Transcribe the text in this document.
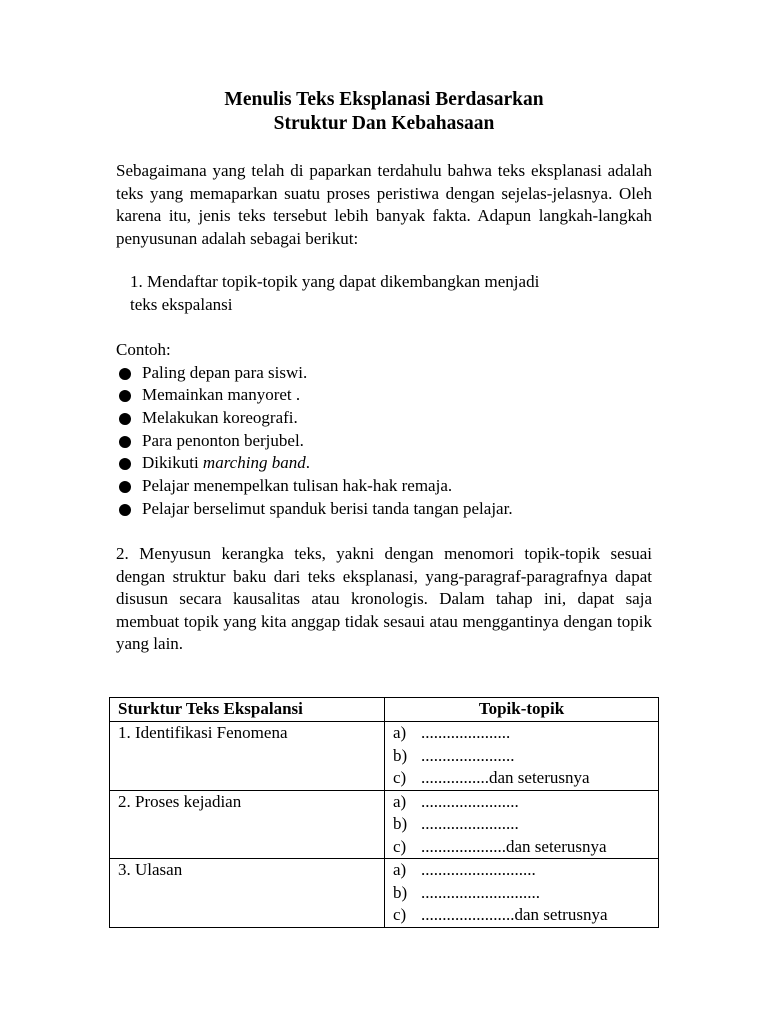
Menulis Teks Eksplanasi Berdasarkan
Struktur Dan Kebahasaan

Sebagaimana yang telah di paparkan terdahulu bahwa teks eksplanasi adalah teks yang memaparkan suatu proses peristiwa dengan sejelas-jelasnya. Oleh karena itu, jenis teks tersebut lebih banyak fakta. Adapun langkah-langkah penyusunan adalah sebagai berikut:

1. Mendaftar topik-topik yang dapat dikembangkan menjadi
teks ekspalansi

Contoh:
Paling depan para siswi.
Memainkan manyoret .
Melakukan koreografi.
Para penonton berjubel.
Dikikuti marching band.
Pelajar menempelkan tulisan hak-hak remaja.
Pelajar berselimut spanduk berisi tanda tangan pelajar.

2. Menyusun kerangka teks, yakni dengan menomori topik-topik sesuai dengan struktur baku dari teks eksplanasi, yang-paragraf-paragrafnya dapat disusun secara kausalitas atau kronologis. Dalam tahap ini, dapat saja membuat topik yang kita anggap tidak sesaui atau menggantinya dengan topik yang lain.

Sturktur Teks Ekspalansi	Topik-topik
1. Identifikasi Fenomena	a) .....................
b) ......................
c) ................dan seterusnya

2. Proses kejadian	a) .......................
b) .......................
c) ....................dan seterusnya

3. Ulasan	a) ...........................
b) ............................
c) ......................dan setrusnya
